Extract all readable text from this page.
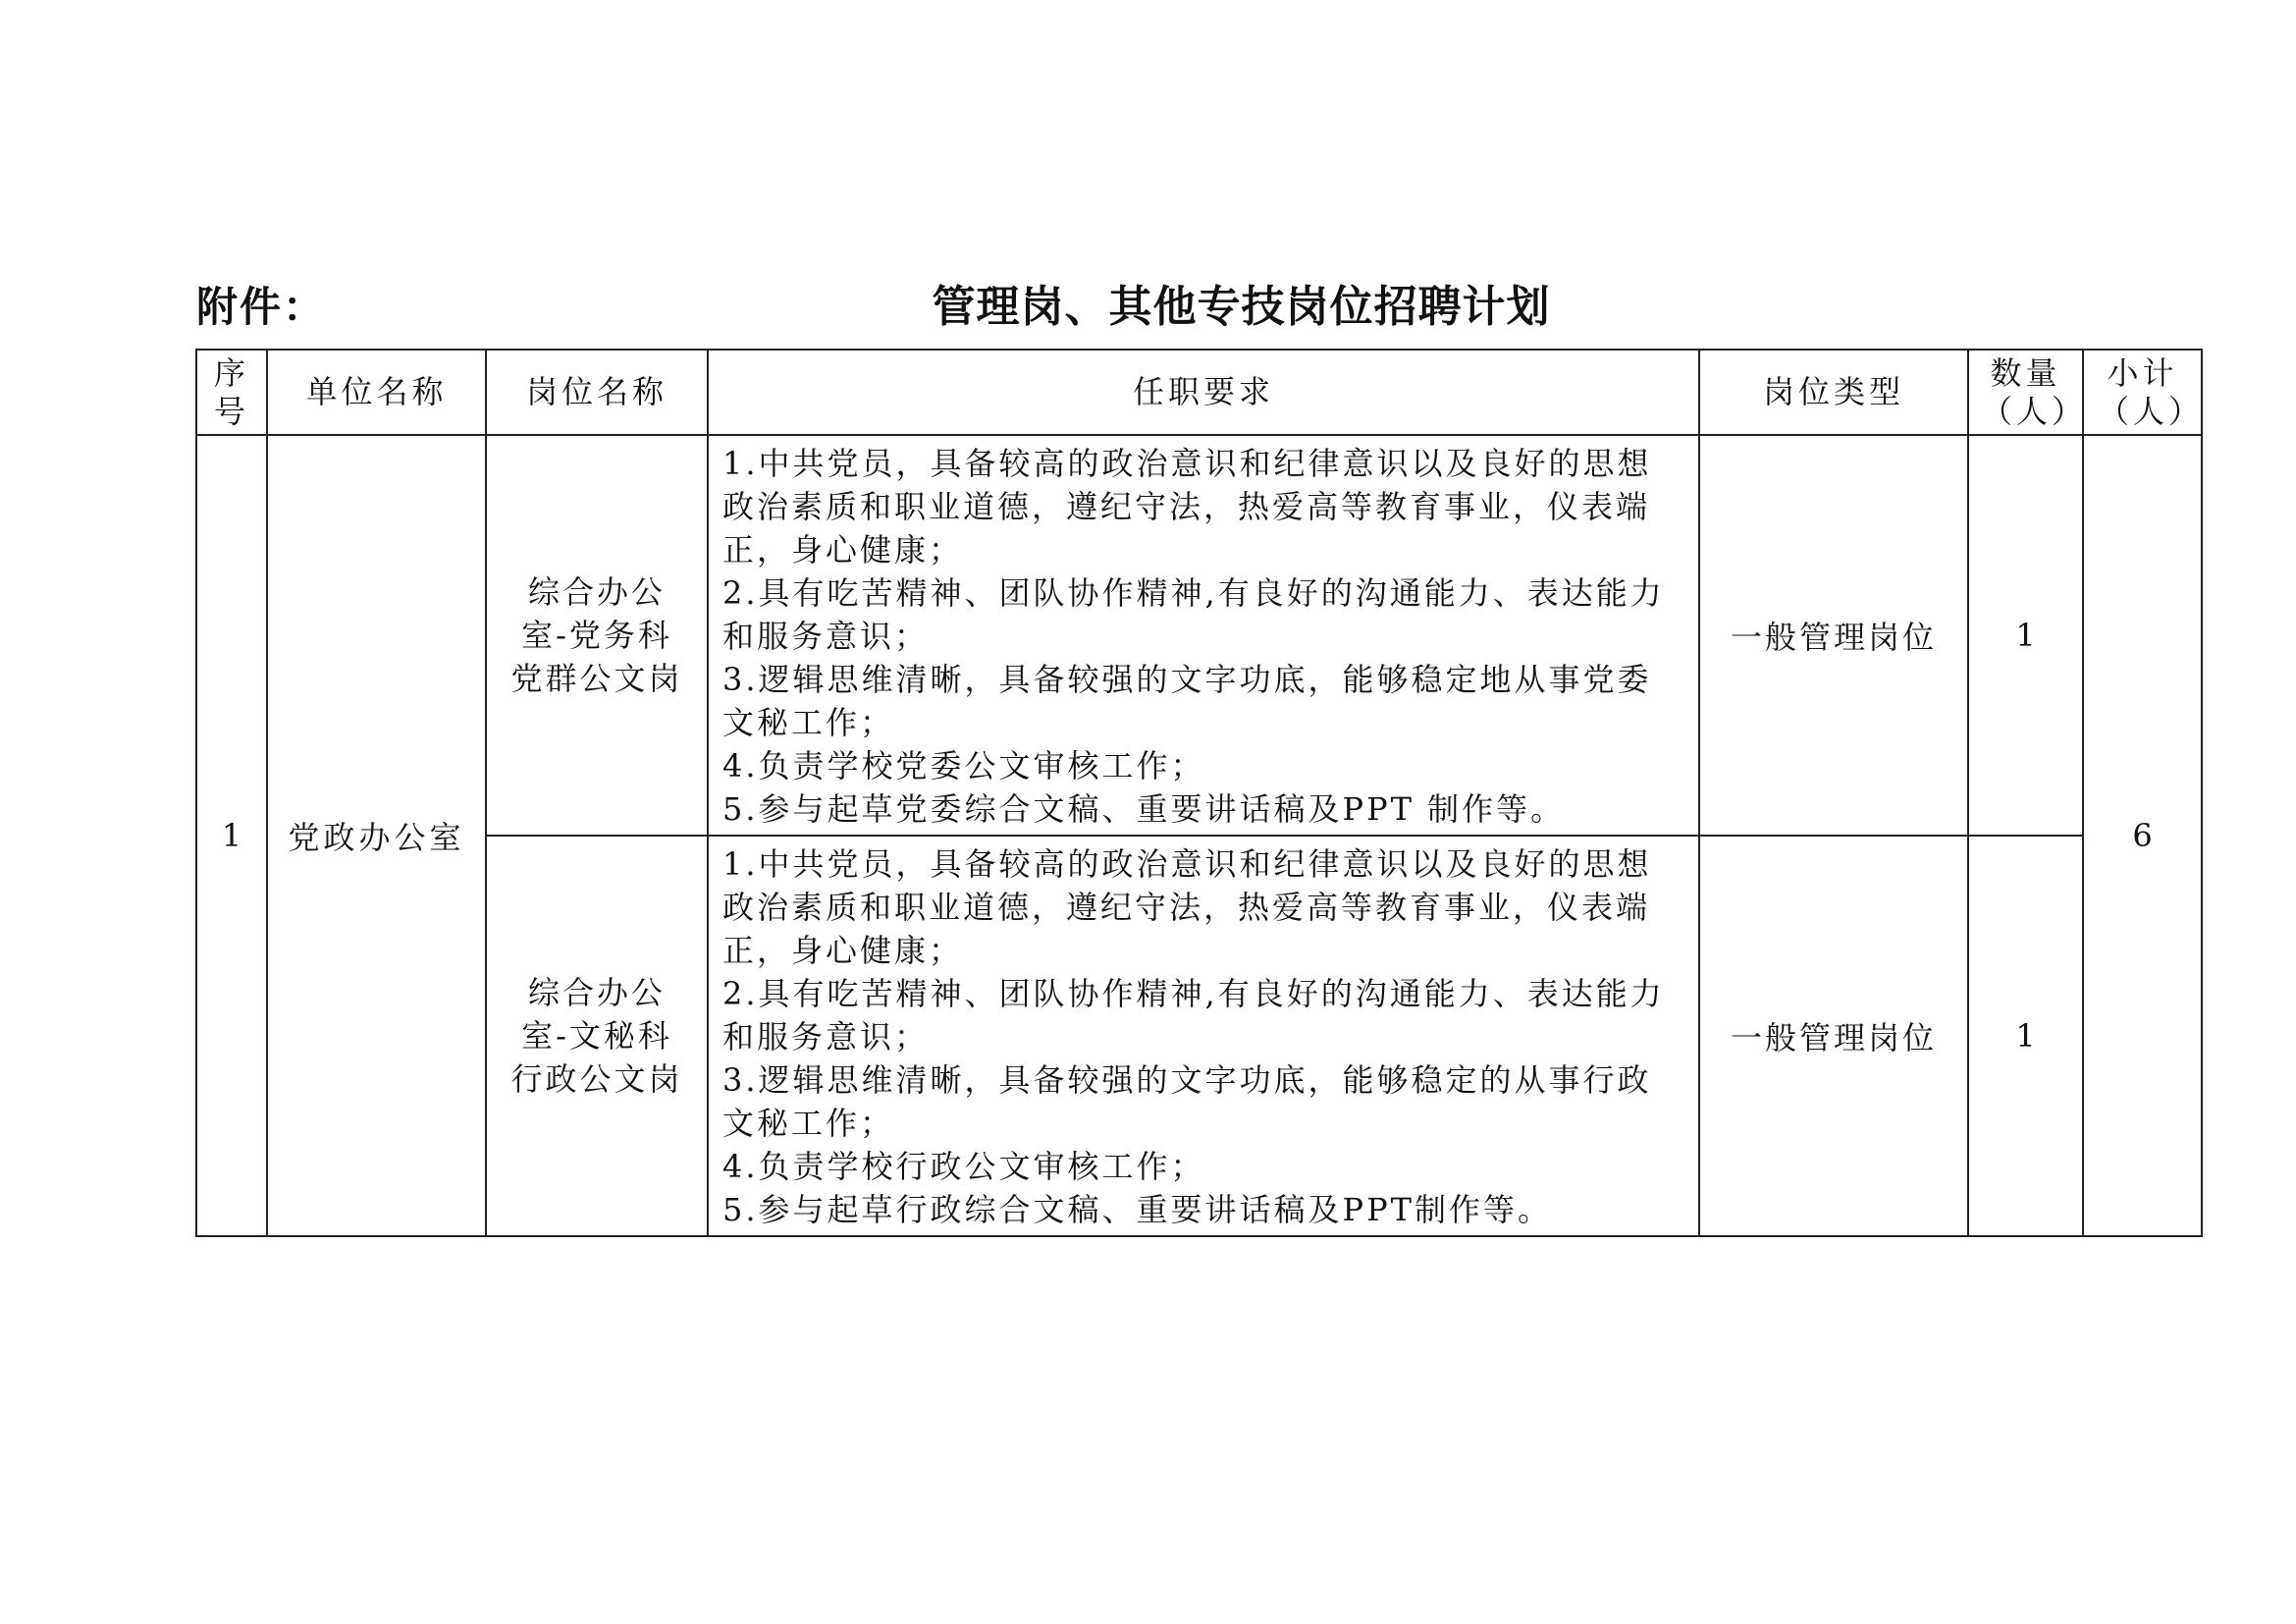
附件：	管理岗、其他专技岗位招聘计划
序号	单位名称	岗位名称	任职要求	岗位类型	数量（人）	小计（人）
1	党政办公室	综合办公室-党务科党群公文岗	1.中共党员，具备较高的政治意识和纪律意识以及良好的思想政治素质和职业道德，遵纪守法，热爱高等教育事业，仪表端正，身心健康；
2.具有吃苦精神、团队协作精神,有良好的沟通能力、表达能力和服务意识；
3.逻辑思维清晰，具备较强的文字功底，能够稳定地从事党委文秘工作；
4.负责学校党委公文审核工作；
5.参与起草党委综合文稿、重要讲话稿及PPT 制作等。	一般管理岗位	1	6
		综合办公室-文秘科行政公文岗	1.中共党员，具备较高的政治意识和纪律意识以及良好的思想政治素质和职业道德，遵纪守法，热爱高等教育事业，仪表端正，身心健康；
2.具有吃苦精神、团队协作精神,有良好的沟通能力、表达能力和服务意识；
3.逻辑思维清晰，具备较强的文字功底，能够稳定的从事行政文秘工作；
4.负责学校行政公文审核工作；
5.参与起草行政综合文稿、重要讲话稿及PPT制作等。	一般管理岗位	1	
